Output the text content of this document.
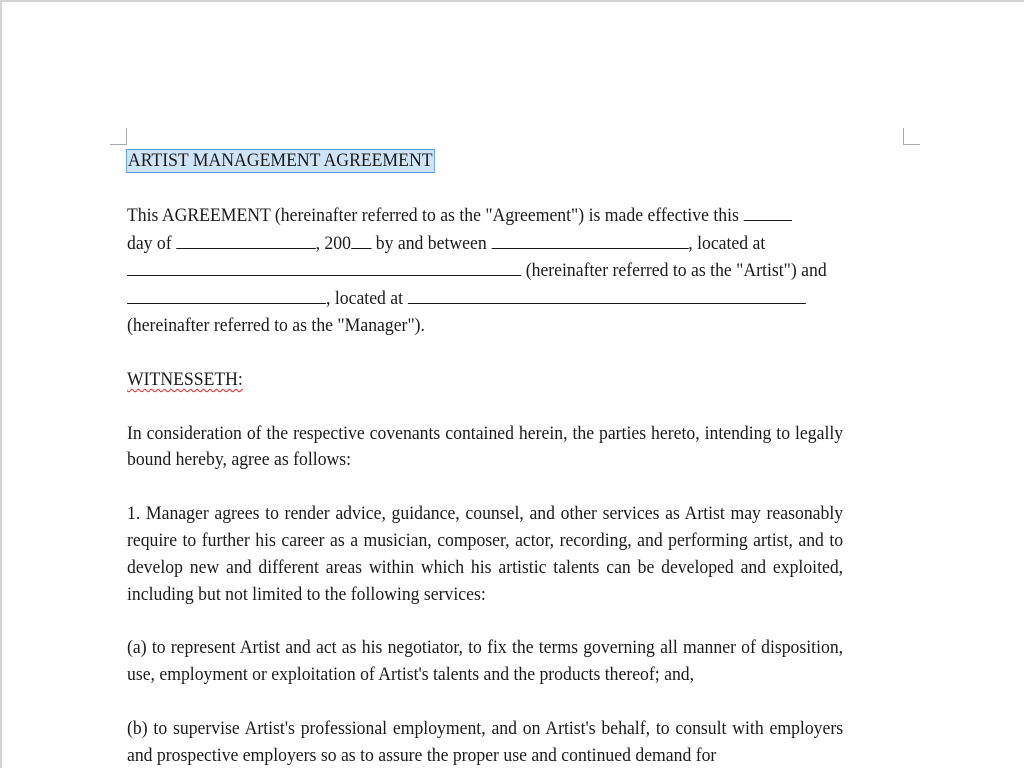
ARTIST MANAGEMENT AGREEMENT

This AGREEMENT (hereinafter referred to as the "Agreement") is made effective this

day of	, 200 by and between	, located at

(hereinafter referred to as the "Artist") and

, located at

(hereinafter referred to as the "Manager").

WITNESSETH:

In consideration of the respective covenants contained herein, the parties hereto, intending to legally bound hereby, agree as follows:

1. Manager agrees to render advice, guidance, counsel, and other services as Artist may reasonably require to further his career as a musician, composer, actor, recording, and performing artist, and to develop new and different areas within which his artistic talents can be developed and exploited, including but not limited to the following services:

(a) to represent Artist and act as his negotiator, to fix the terms governing all manner of disposition, use, employment or exploitation of Artist's talents and the products thereof; and,

(b) to supervise Artist's professional employment, and on Artist's behalf, to consult with employers and prospective employers so as to assure the proper use and continued demand for
